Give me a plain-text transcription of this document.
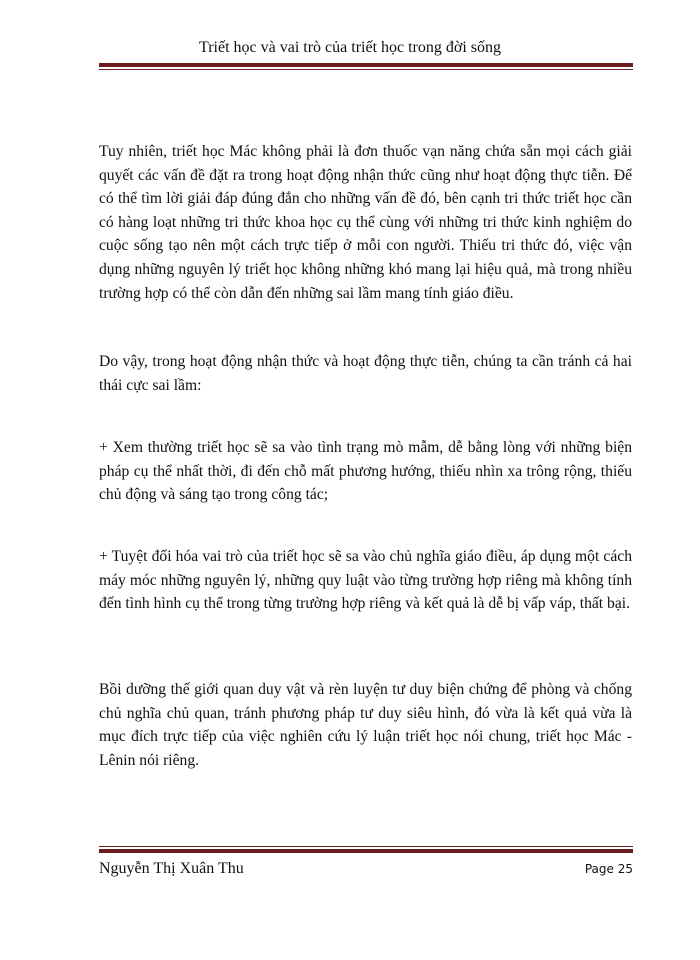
Triết học và vai trò của triết học trong đời sống

Tuy nhiên, triết học Mác không phải là đơn thuốc vạn năng chứa sẵn mọi cách giải quyết các vấn đề đặt ra trong hoạt động nhận thức cũng như hoạt động thực tiễn. Để có thể tìm lời giải đáp đúng đắn cho những vấn đề đó, bên cạnh tri thức triết học cần có hàng loạt những tri thức khoa học cụ thể cùng với những tri thức kinh nghiệm do cuộc sống tạo nên một cách trực tiếp ở mỗi con người. Thiếu tri thức đó, việc vận dụng những nguyên lý triết học không những khó mang lại hiệu quả, mà trong nhiều trường hợp có thể còn dẫn đến những sai lầm mang tính giáo điều.

Do vậy, trong hoạt động nhận thức và hoạt động thực tiễn, chúng ta cần tránh cả hai thái cực sai lầm:

+ Xem thường triết học sẽ sa vào tình trạng mò mẫm, dễ bằng lòng với những biện pháp cụ thể nhất thời, đi đến chỗ mất phương hướng, thiếu nhìn xa trông rộng, thiếu chủ động và sáng tạo trong công tác;

+ Tuyệt đối hóa vai trò của triết học sẽ sa vào chủ nghĩa giáo điều, áp dụng một cách máy móc những nguyên lý, những quy luật vào từng trường hợp riêng mà không tính đến tình hình cụ thể trong từng trường hợp riêng và kết quả là dễ bị vấp váp, thất bại.

Bồi dưỡng thế giới quan duy vật và rèn luyện tư duy biện chứng để phòng và chống chủ nghĩa chủ quan, tránh phương pháp tư duy siêu hình, đó vừa là kết quả vừa là mục đích trực tiếp của việc nghiên cứu lý luận triết học nói chung, triết học Mác - Lênin nói riêng.

Nguyễn Thị Xuân Thu	Page 25
